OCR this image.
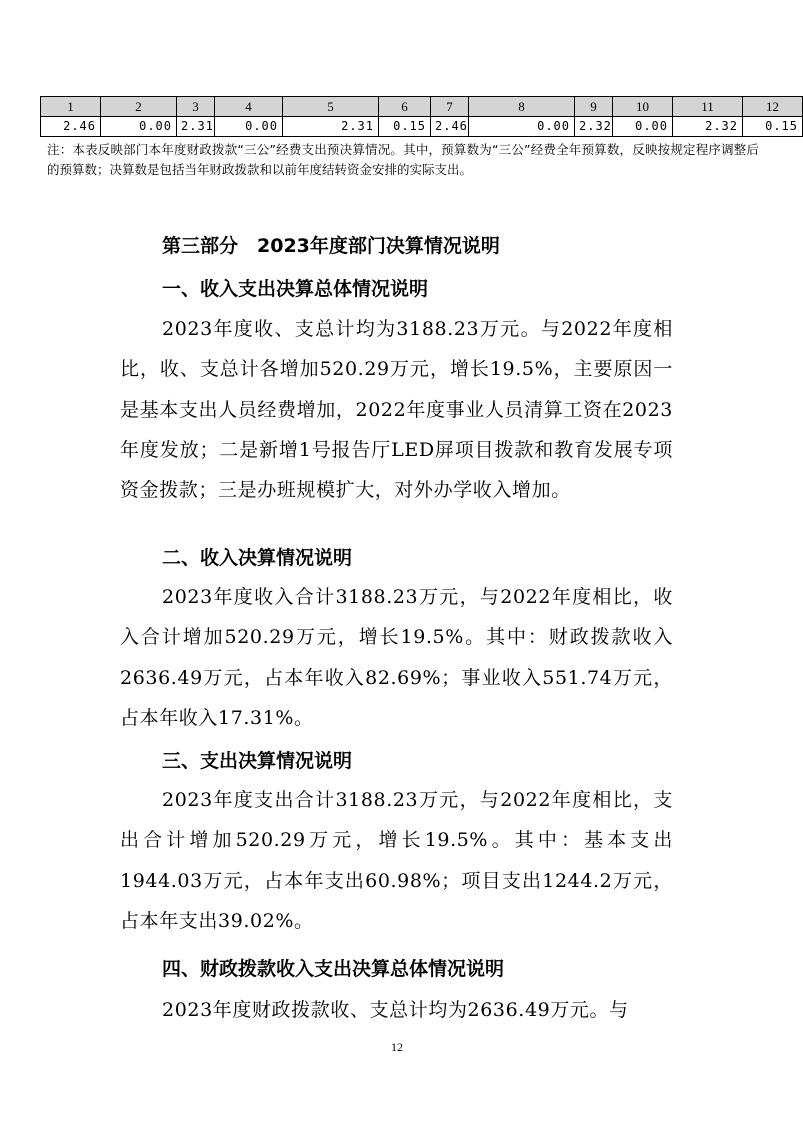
1	2	3	4	5	6	7	8	9	10	11	12
2.46	0.00	2.31	0.00	2.31	0.15	2.46	0.00	2.32	0.00	2.32	0.15
注：本表反映部门本年度财政拨款“三公”经费支出预决算情况。其中，预算数为“三公”经费全年预算数，反映按规定程序调整后的预算数；决算数是包括当年财政拨款和以前年度结转资金安排的实际支出。
第三部分　2023年度部门决算情况说明
一、收入支出决算总体情况说明
2023年度收、支总计均为3188.23万元。与2022年度相比，收、支总计各增加520.29万元，增长19.5%，主要原因一是基本支出人员经费增加，2022年度事业人员清算工资在2023年度发放；二是新增1号报告厅LED屏项目拨款和教育发展专项资金拨款；三是办班规模扩大，对外办学收入增加。
二、收入决算情况说明
2023年度收入合计3188.23万元，与2022年度相比，收入合计增加520.29万元，增长19.5%。其中：财政拨款收入2636.49万元，占本年收入82.69%；事业收入551.74万元，占本年收入17.31%。
三、支出决算情况说明
2023年度支出合计3188.23万元，与2022年度相比，支出合计增加520.29万元，增长19.5%。其中：基本支出1944.03万元，占本年支出60.98%；项目支出1244.2万元，占本年支出39.02%。
四、财政拨款收入支出决算总体情况说明
2023年度财政拨款收、支总计均为2636.49万元。与
12
